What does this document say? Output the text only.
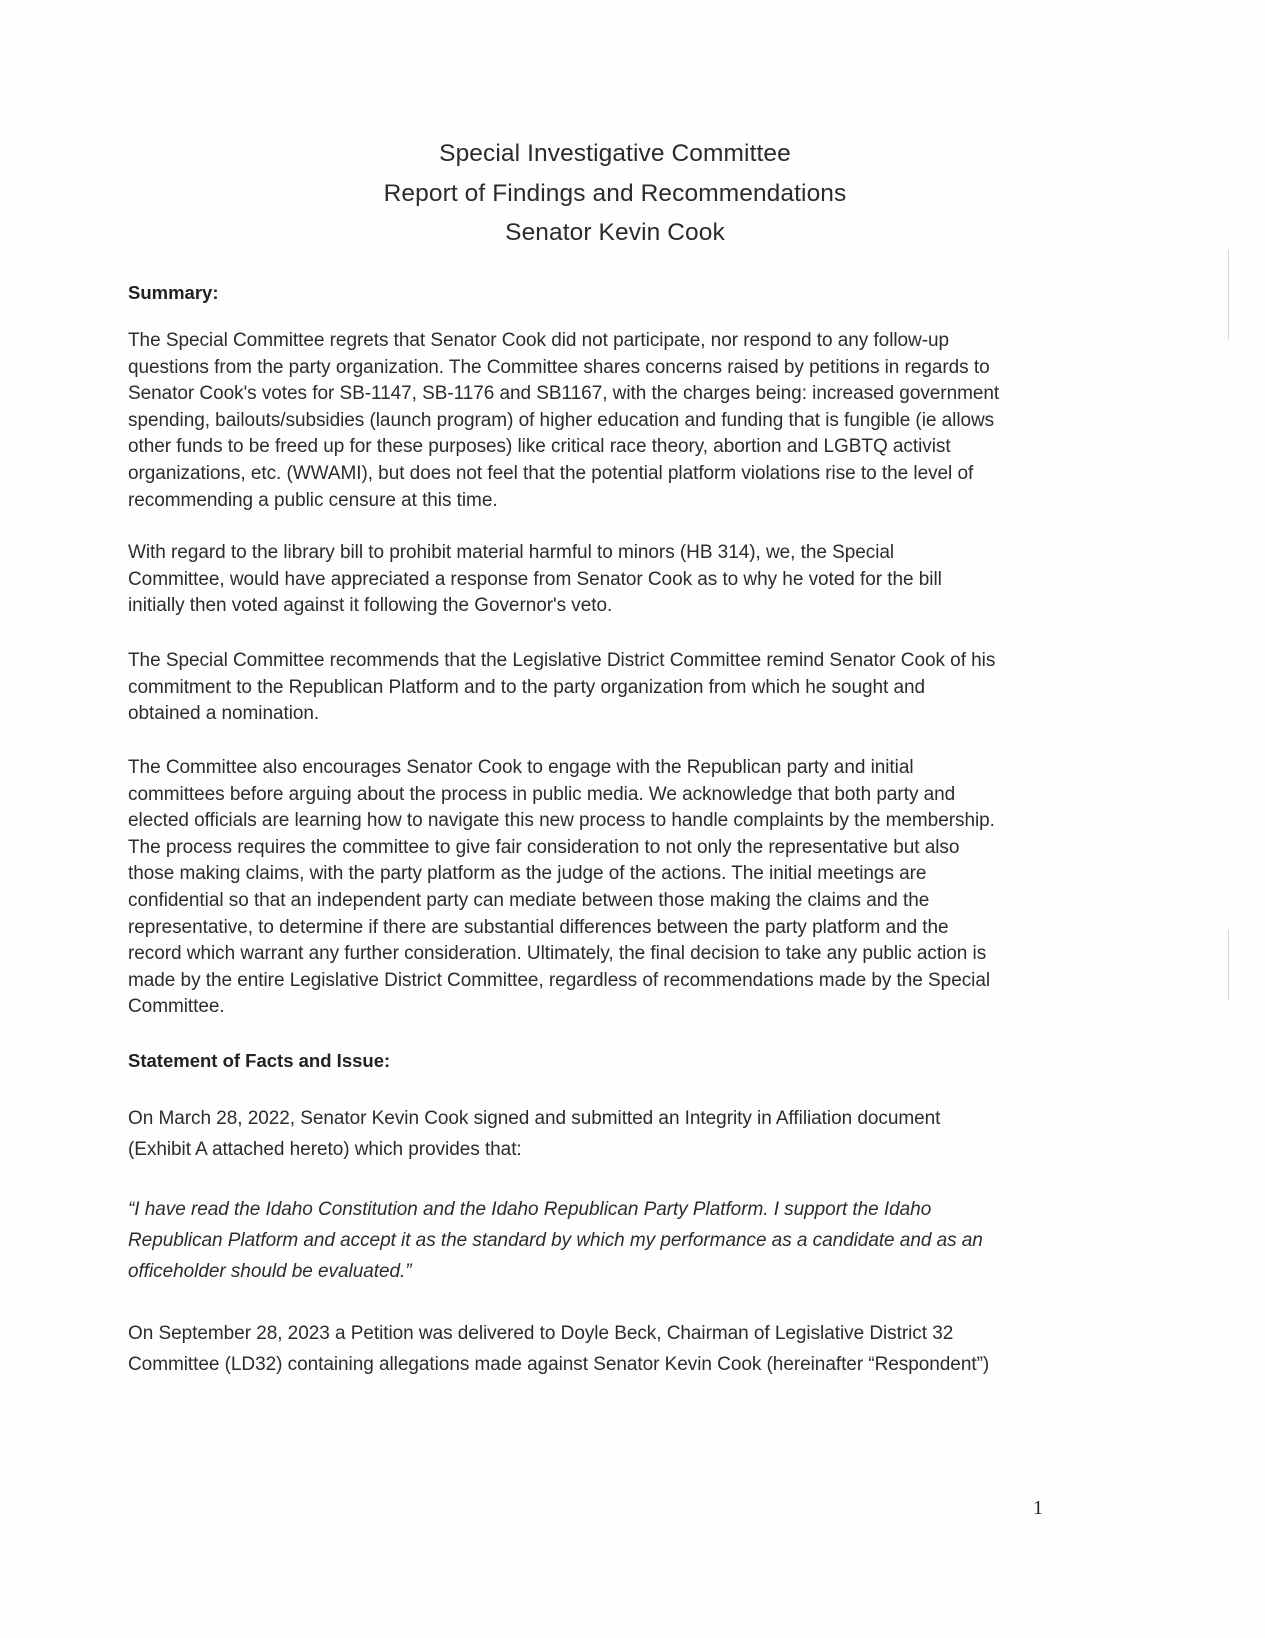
Special Investigative Committee
Report of Findings and Recommendations
Senator Kevin Cook
Summary:
The Special Committee regrets that Senator Cook did not participate, nor respond to any follow-up
questions from the party organization. The Committee shares concerns raised by petitions in regards to
Senator Cook's votes for SB-1147, SB-1176 and SB1167, with the charges being: increased government
spending, bailouts/subsidies (launch program) of higher education and funding that is fungible (ie allows
other funds to be freed up for these purposes) like critical race theory, abortion and LGBTQ activist
organizations, etc. (WWAMI), but does not feel that the potential platform violations rise to the level of
recommending a public censure at this time.
With regard to the library bill to prohibit material harmful to minors (HB 314), we, the Special
Committee, would have appreciated a response from Senator Cook as to why he voted for the bill
initially then voted against it following the Governor's veto.
The Special Committee recommends that the Legislative District Committee remind Senator Cook of his
commitment to the Republican Platform and to the party organization from which he sought and
obtained a nomination.
The Committee also encourages Senator Cook to engage with the Republican party and initial
committees before arguing about the process in public media. We acknowledge that both party and
elected officials are learning how to navigate this new process to handle complaints by the membership.
The process requires the committee to give fair consideration to not only the representative but also
those making claims, with the party platform as the judge of the actions. The initial meetings are
confidential so that an independent party can mediate between those making the claims and the
representative, to determine if there are substantial differences between the party platform and the
record which warrant any further consideration. Ultimately, the final decision to take any public action is
made by the entire Legislative District Committee, regardless of recommendations made by the Special
Committee.
Statement of Facts and Issue:
On March 28, 2022, Senator Kevin Cook signed and submitted an Integrity in Affiliation document
(Exhibit A attached hereto) which provides that:
“I have read the Idaho Constitution and the Idaho Republican Party Platform. I support the Idaho
Republican Platform and accept it as the standard by which my performance as a candidate and as an
officeholder should be evaluated.”
On September 28, 2023 a Petition was delivered to Doyle Beck, Chairman of Legislative District 32
Committee (LD32) containing allegations made against Senator Kevin Cook (hereinafter “Respondent”)
1
